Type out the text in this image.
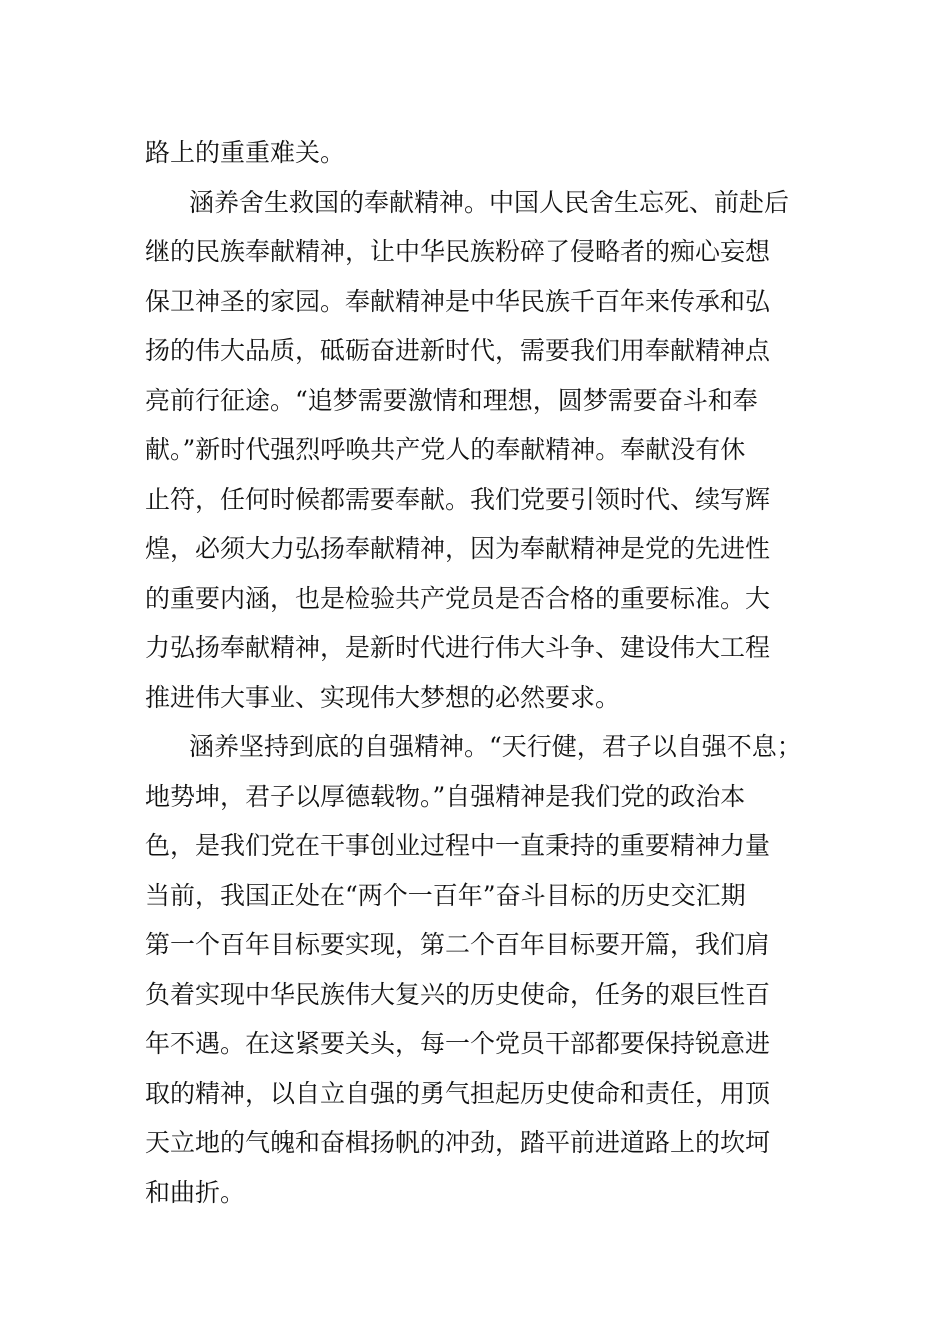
路上的重重难关。
涵养舍生救国的奉献精神。中国人民舍生忘死、前赴后
继的民族奉献精神，让中华民族粉碎了侵略者的痴心妄想
保卫神圣的家园。奉献精神是中华民族千百年来传承和弘
扬的伟大品质，砥砺奋进新时代，需要我们用奉献精神点
亮前行征途。“追梦需要激情和理想，圆梦需要奋斗和奉
献。”新时代强烈呼唤共产党人的奉献精神。奉献没有休
止符，任何时候都需要奉献。我们党要引领时代、续写辉
煌，必须大力弘扬奉献精神，因为奉献精神是党的先进性
的重要内涵，也是检验共产党员是否合格的重要标准。大
力弘扬奉献精神，是新时代进行伟大斗争、建设伟大工程
推进伟大事业、实现伟大梦想的必然要求。
涵养坚持到底的自强精神。“天行健，君子以自强不息；
地势坤，君子以厚德载物。”自强精神是我们党的政治本
色，是我们党在干事创业过程中一直秉持的重要精神力量
当前，我国正处在“两个一百年”奋斗目标的历史交汇期
第一个百年目标要实现，第二个百年目标要开篇，我们肩
负着实现中华民族伟大复兴的历史使命，任务的艰巨性百
年不遇。在这紧要关头，每一个党员干部都要保持锐意进
取的精神，以自立自强的勇气担起历史使命和责任，用顶
天立地的气魄和奋楫扬帆的冲劲，踏平前进道路上的坎坷
和曲折。
